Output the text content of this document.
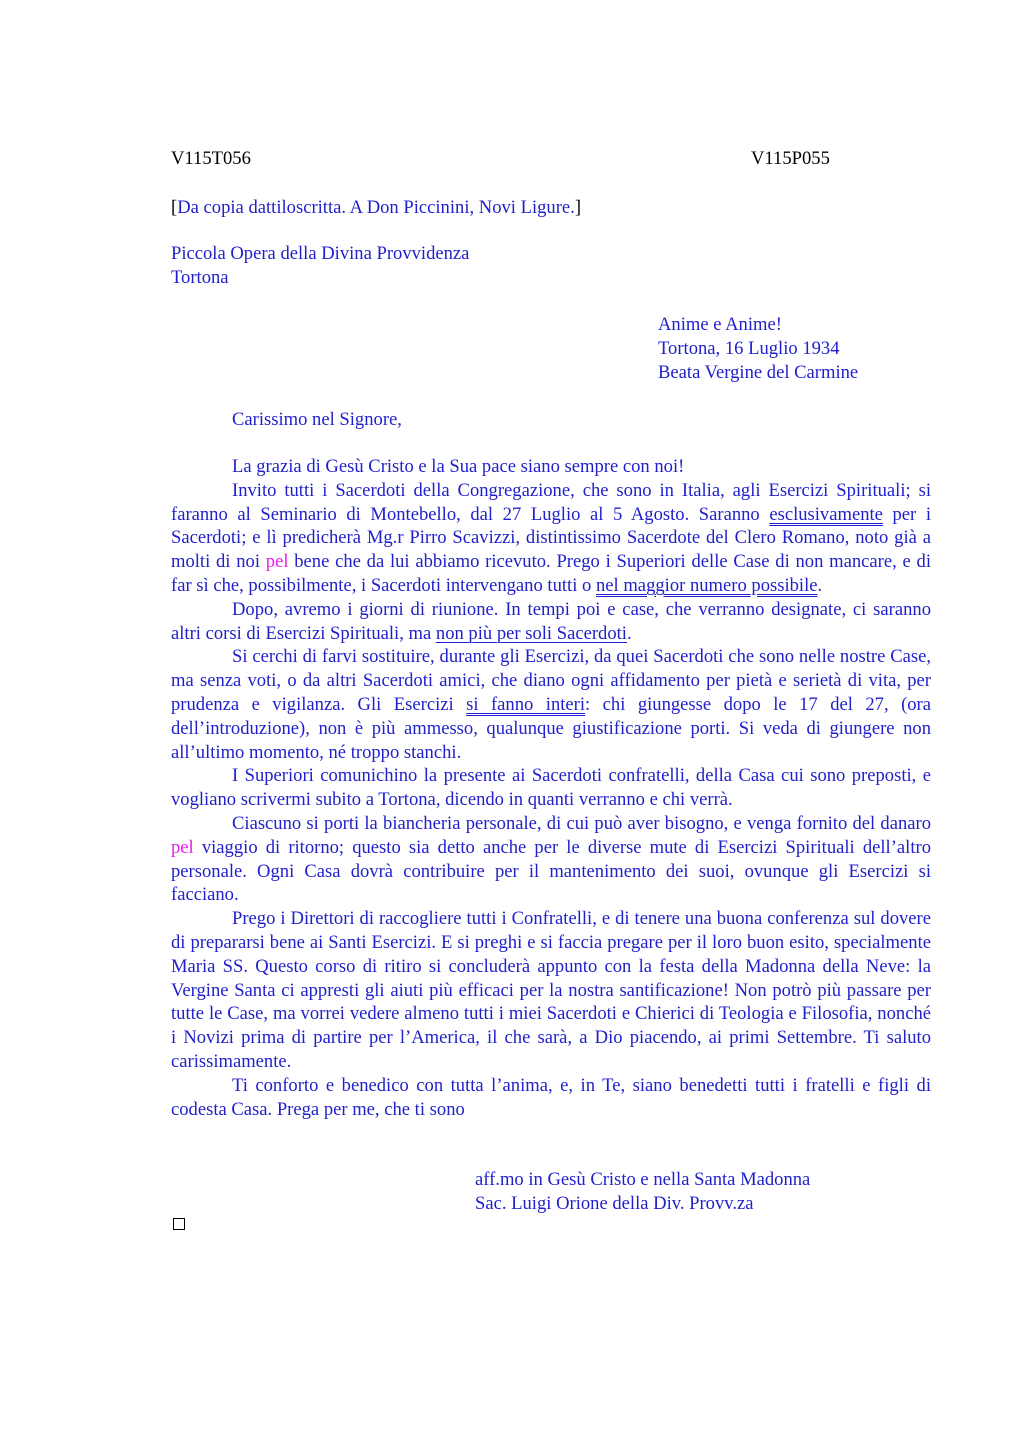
V115T056	V115P055
[Da copia dattiloscritta. A Don Piccinini, Novi Ligure.]
Piccola Opera della Divina Provvidenza
Tortona
Anime e Anime!
Tortona, 16 Luglio 1934
Beata Vergine del Carmine
Carissimo nel Signore,

La grazia di Gesù Cristo e la Sua pace siano sempre con noi!

Invito tutti i Sacerdoti della Congregazione, che sono in Italia, agli Esercizi Spirituali; si faranno al Seminario di Montebello, dal 27 Luglio al 5 Agosto. Saranno esclusivamente per i Sacerdoti; e lì predicherà Mg.r Pirro Scavizzi, distintissimo Sacerdote del Clero Romano, noto già a molti di noi pel bene che da lui abbiamo ricevuto. Prego i Superiori delle Case di non mancare, e di far sì che, possibilmente, i Sacerdoti intervengano tutti o nel maggior numero possibile.

Dopo, avremo i giorni di riunione. In tempi poi e case, che verranno designate, ci saranno altri corsi di Esercizi Spirituali, ma non più per soli Sacerdoti.

Si cerchi di farvi sostituire, durante gli Esercizi, da quei Sacerdoti che sono nelle nostre Case, ma senza voti, o da altri Sacerdoti amici, che diano ogni affidamento per pietà e serietà di vita, per prudenza e vigilanza. Gli Esercizi si fanno interi: chi giungesse dopo le 17 del 27, (ora dell’introduzione), non è più ammesso, qualunque giustificazione porti. Si veda di giungere non all’ultimo momento, né troppo stanchi.

I Superiori comunichino la presente ai Sacerdoti confratelli, della Casa cui sono preposti, e vogliano scrivermi subito a Tortona, dicendo in quanti verranno e chi verrà.

Ciascuno si porti la biancheria personale, di cui può aver bisogno, e venga fornito del danaro pel viaggio di ritorno; questo sia detto anche per le diverse mute di Esercizi Spirituali dell’altro personale. Ogni Casa dovrà contribuire per il mantenimento dei suoi, ovunque gli Esercizi si facciano.

Prego i Direttori di raccogliere tutti i Confratelli, e di tenere una buona conferenza sul dovere di prepararsi bene ai Santi Esercizi. E si preghi e si faccia pregare per il loro buon esito, specialmente Maria SS. Questo corso di ritiro si concluderà appunto con la festa della Madonna della Neve: la Vergine Santa ci appresti gli aiuti più efficaci per la nostra santificazione! Non potrò più passare per tutte le Case, ma vorrei vedere almeno tutti i miei Sacerdoti e Chierici di Teologia e Filosofia, nonché i Novizi prima di partire per l’America, il che sarà, a Dio piacendo, ai primi Settembre. Ti saluto carissimamente.

Ti conforto e benedico con tutta l’anima, e, in Te, siano benedetti tutti i fratelli e figli di codesta Casa. Prega per me, che ti sono

aff.mo in Gesù Cristo e nella Santa Madonna
Sac. Luigi Orione della Div. Provv.za
